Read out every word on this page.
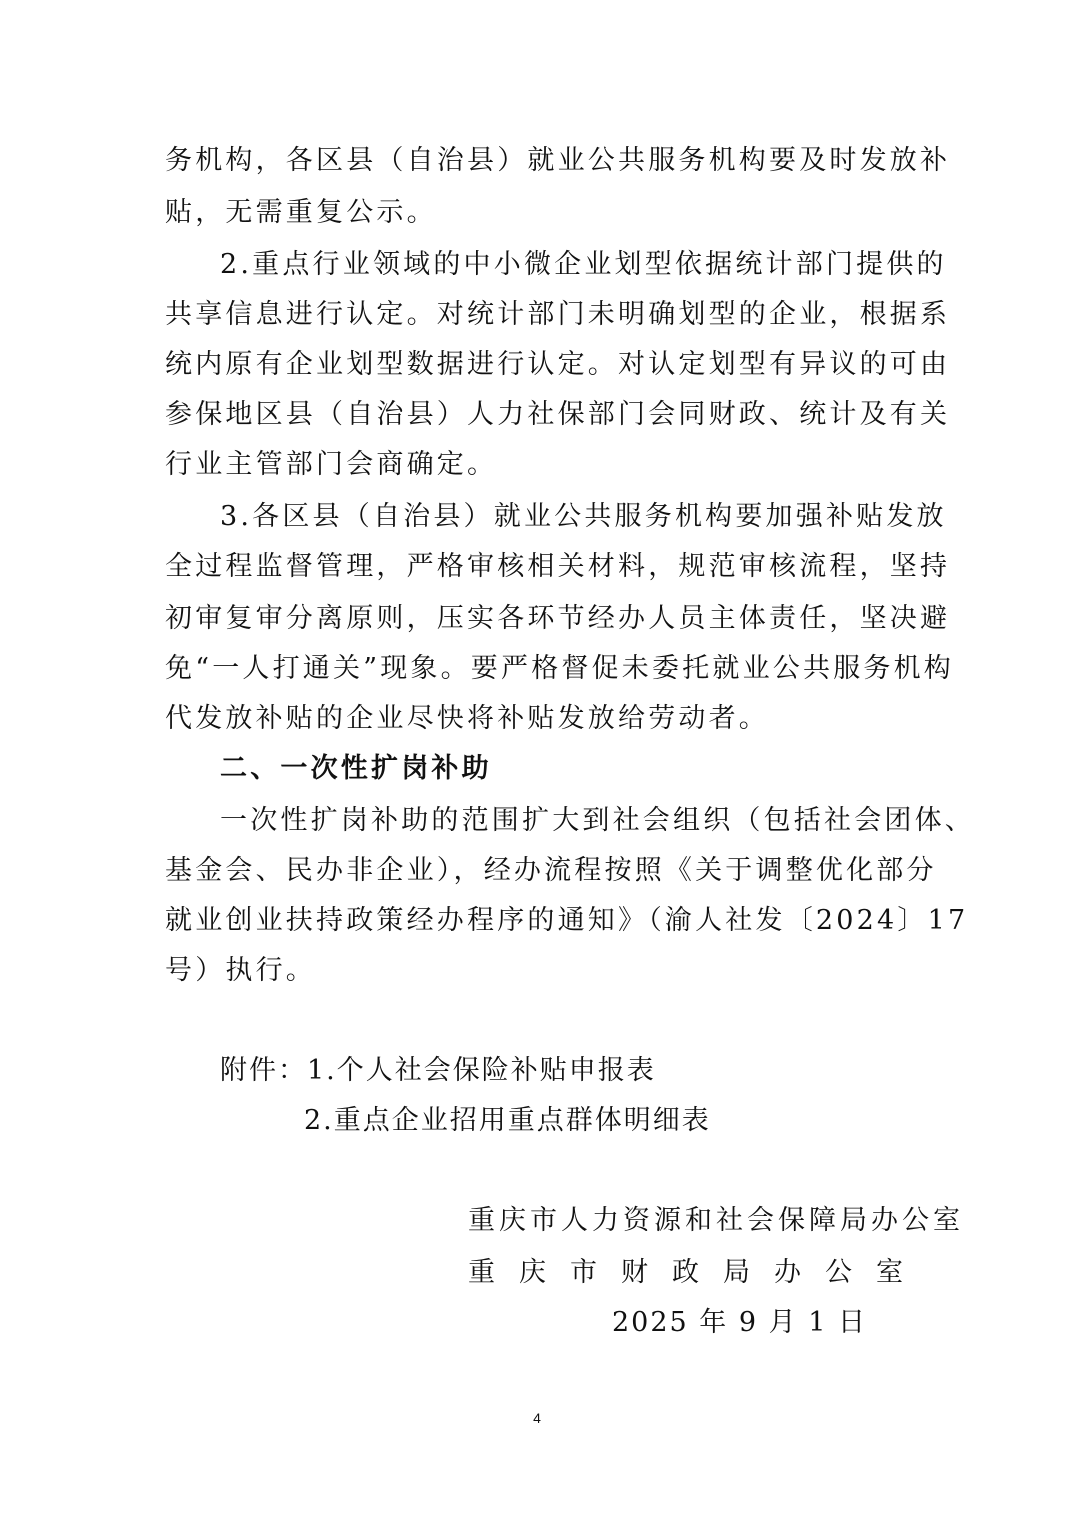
务机构，各区县（自治县）就业公共服务机构要及时发放补
贴，无需重复公示。
2.重点行业领域的中小微企业划型依据统计部门提供的
共享信息进行认定。对统计部门未明确划型的企业，根据系
统内原有企业划型数据进行认定。对认定划型有异议的可由
参保地区县（自治县）人力社保部门会同财政、统计及有关
行业主管部门会商确定。
3.各区县（自治县）就业公共服务机构要加强补贴发放
全过程监督管理，严格审核相关材料，规范审核流程，坚持
初审复审分离原则，压实各环节经办人员主体责任，坚决避
免“一人打通关”现象。要严格督促未委托就业公共服务机构
代发放补贴的企业尽快将补贴发放给劳动者。
二、一次性扩岗补助
一次性扩岗补助的范围扩大到社会组织（包括社会团体、
基金会、民办非企业），经办流程按照《关于调整优化部分
就业创业扶持政策经办程序的通知》（渝人社发〔2024〕17
号）执行。
附件：1.个人社会保险补贴申报表
2.重点企业招用重点群体明细表
重庆市人力资源和社会保障局办公室
重庆市财政局办公室
2025 年 9 月 1 日
4
